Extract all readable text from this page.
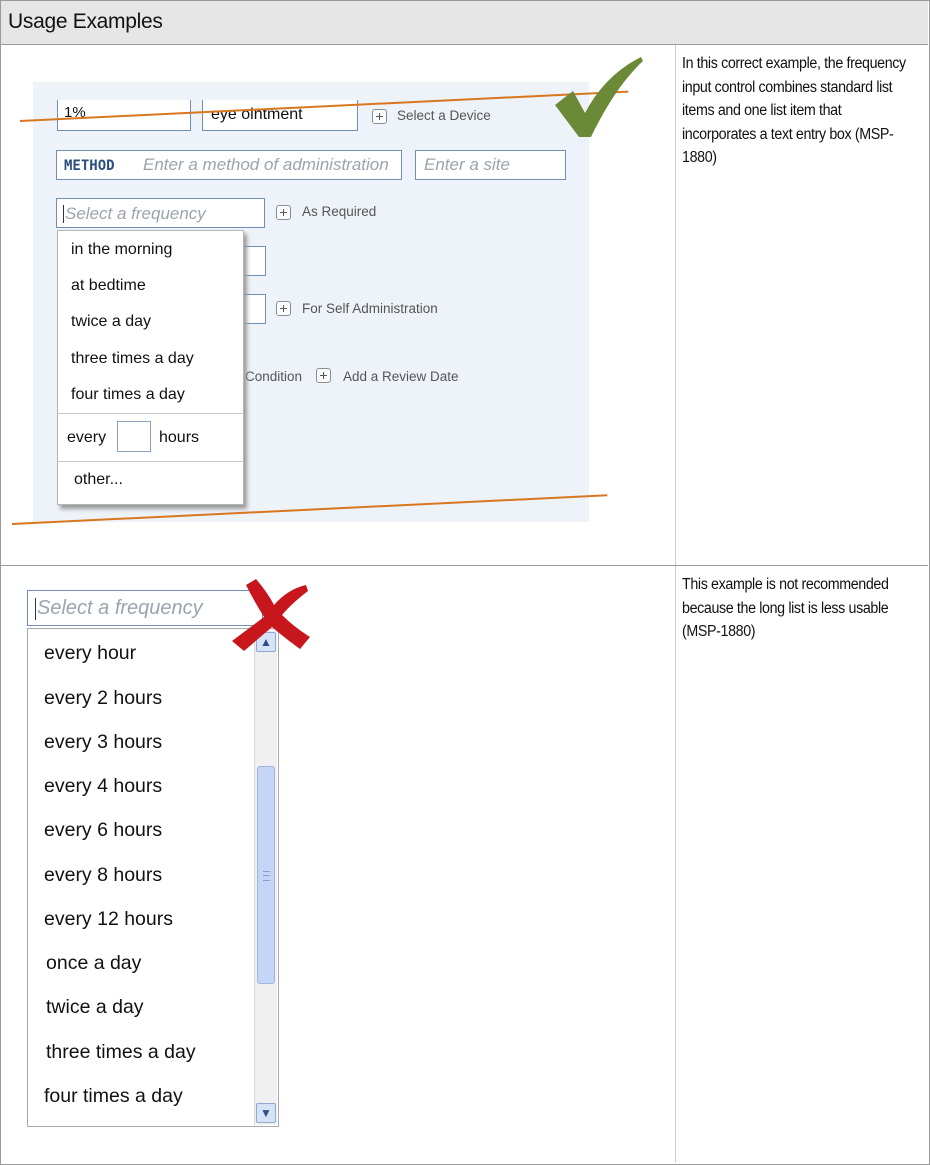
Usage Examples
1%	eye ointment	Select a Device
METHOD Enter a method of administration Enter a site
Select a frequency	As Required
For Self Administration
Condition	Add a Review Date
in the morning
at bedtime
twice a day
three times a day
four times a day
every	hours
other...
In this correct example, the frequency input control combines standard list items and one list item that incorporates a text entry box (MSP-1880)
Select a frequency
every hour
every 2 hours
every 3 hours
every 4 hours
every 6 hours
every 8 hours
every 12 hours
once a day
twice a day
three times a day
four times a day
▲
▼
This example is not recommended because the long list is less usable (MSP-1880)
